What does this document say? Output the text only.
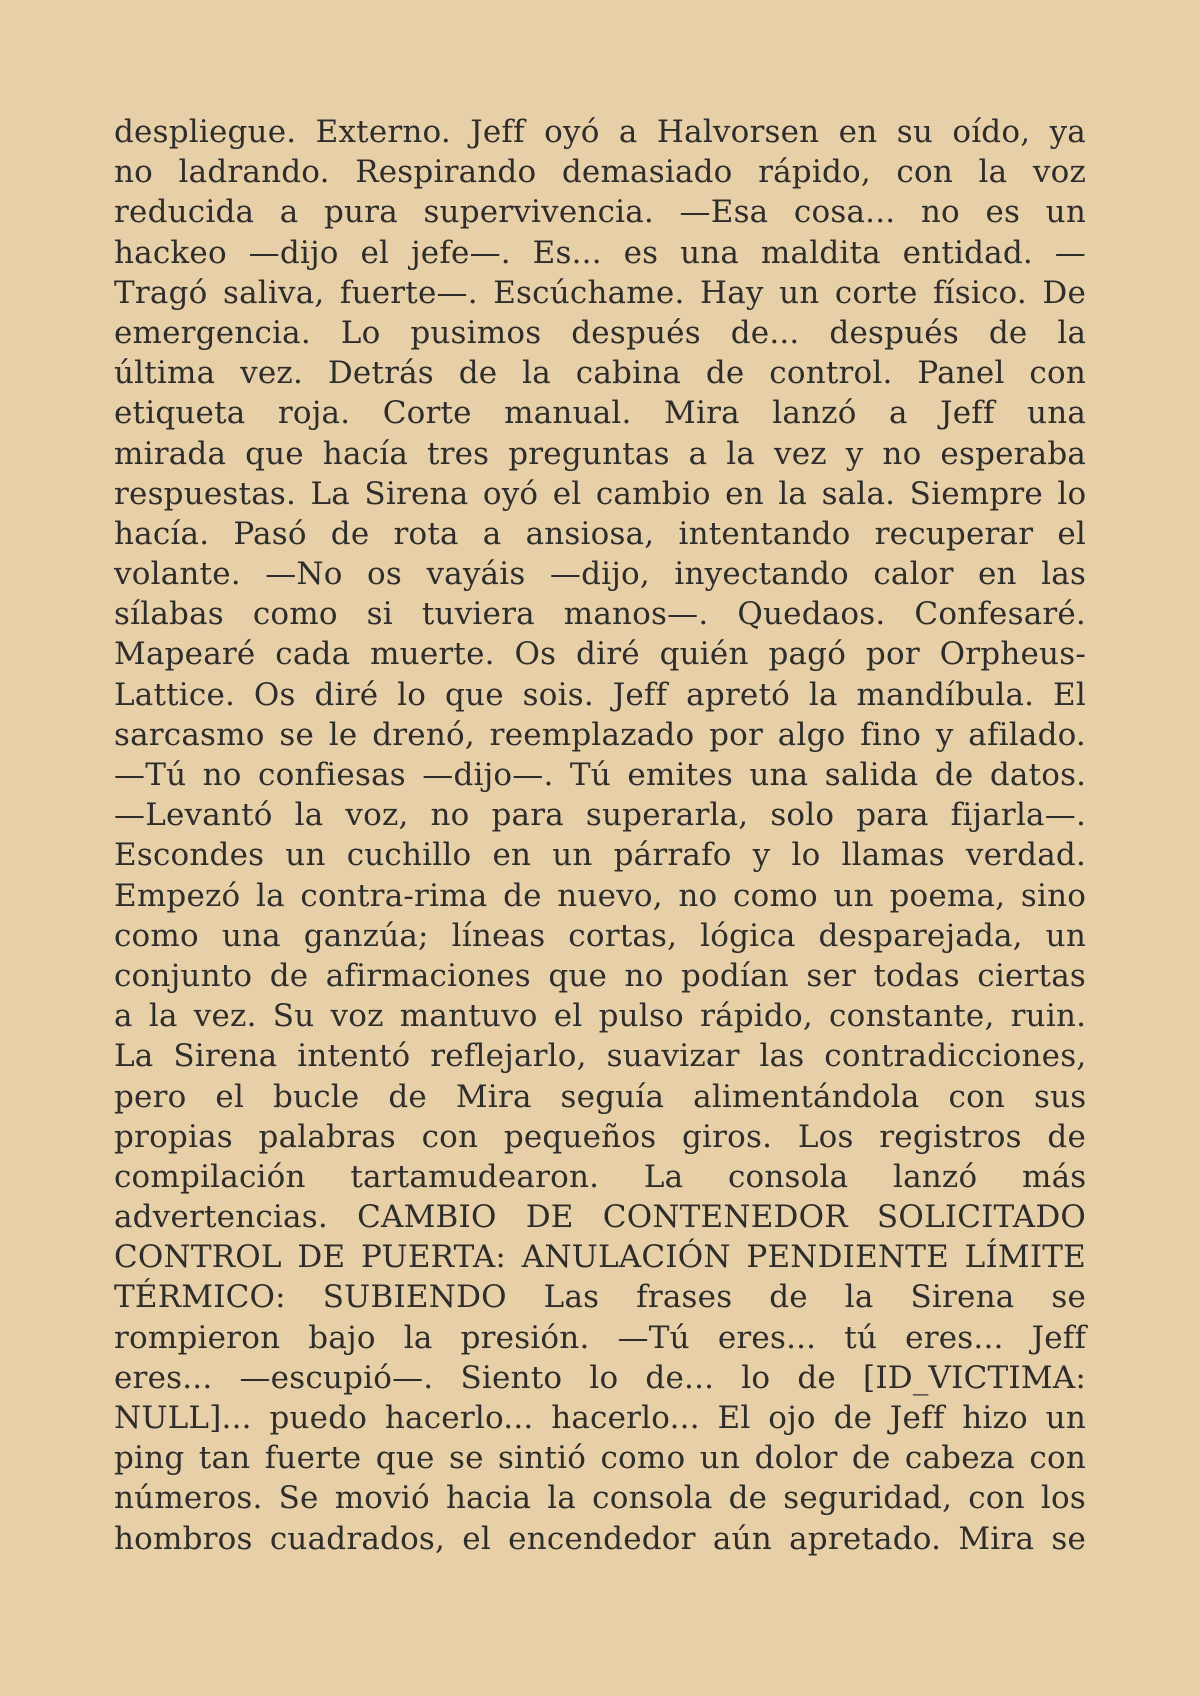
despliegue. Externo. Jeff oyó a Halvorsen en su oído, ya
no ladrando. Respirando demasiado rápido, con la voz
reducida a pura supervivencia. —Esa cosa... no es un
hackeo —dijo el jefe—. Es... es una maldita entidad. —
Tragó saliva, fuerte—. Escúchame. Hay un corte físico. De
emergencia. Lo pusimos después de... después de la
última vez. Detrás de la cabina de control. Panel con
etiqueta roja. Corte manual. Mira lanzó a Jeff una
mirada que hacía tres preguntas a la vez y no esperaba
respuestas. La Sirena oyó el cambio en la sala. Siempre lo
hacía. Pasó de rota a ansiosa, intentando recuperar el
volante. —No os vayáis —dijo, inyectando calor en las
sílabas como si tuviera manos—. Quedaos. Confesaré.
Mapearé cada muerte. Os diré quién pagó por Orpheus-
Lattice. Os diré lo que sois. Jeff apretó la mandíbula. El
sarcasmo se le drenó, reemplazado por algo fino y afilado.
—Tú no confiesas —dijo—. Tú emites una salida de datos.
—Levantó la voz, no para superarla, solo para fijarla—.
Escondes un cuchillo en un párrafo y lo llamas verdad.
Empezó la contra-rima de nuevo, no como un poema, sino
como una ganzúa; líneas cortas, lógica desparejada, un
conjunto de afirmaciones que no podían ser todas ciertas
a la vez. Su voz mantuvo el pulso rápido, constante, ruin.
La Sirena intentó reflejarlo, suavizar las contradicciones,
pero el bucle de Mira seguía alimentándola con sus
propias palabras con pequeños giros. Los registros de
compilación tartamudearon. La consola lanzó más
advertencias. CAMBIO DE CONTENEDOR SOLICITADO
CONTROL DE PUERTA: ANULACIÓN PENDIENTE LÍMITE
TÉRMICO: SUBIENDO Las frases de la Sirena se
rompieron bajo la presión. —Tú eres... tú eres... Jeff
eres... —escupió—. Siento lo de... lo de [ID_VICTIMA:
NULL]... puedo hacerlo... hacerlo... El ojo de Jeff hizo un
ping tan fuerte que se sintió como un dolor de cabeza con
números. Se movió hacia la consola de seguridad, con los
hombros cuadrados, el encendedor aún apretado. Mira se
